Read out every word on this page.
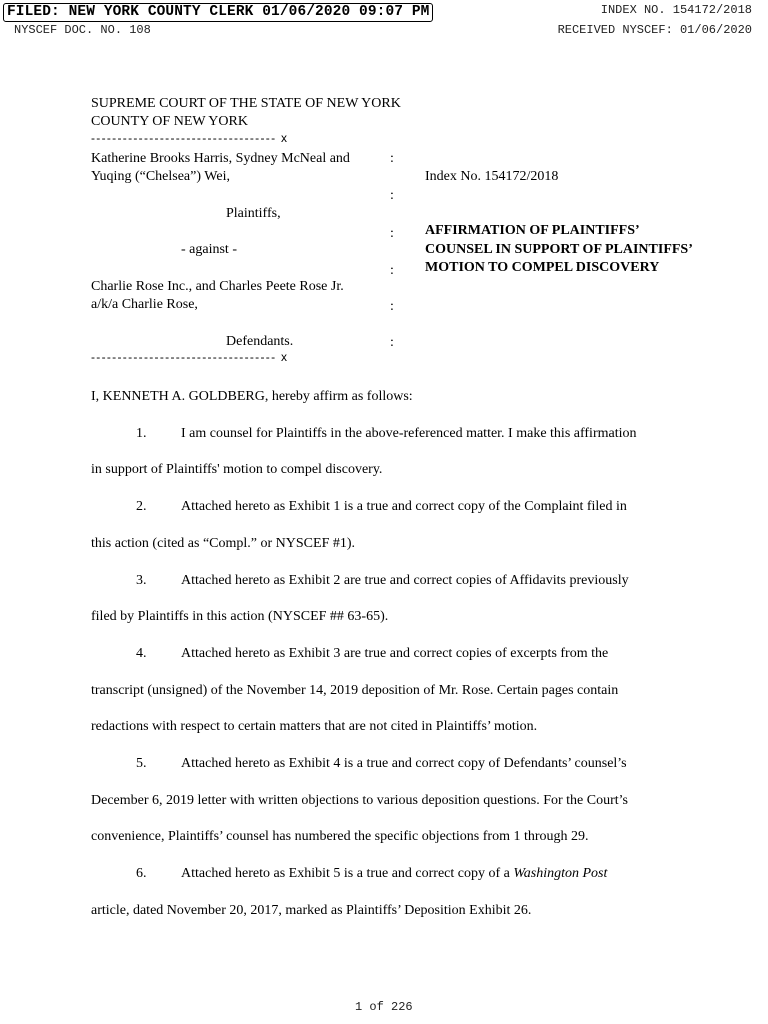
FILED: NEW YORK COUNTY CLERK 01/06/2020 09:07 PM	INDEX NO. 154172/2018
NYSCEF DOC. NO. 108	RECEIVED NYSCEF: 01/06/2020
SUPREME COURT OF THE STATE OF NEW YORK
COUNTY OF NEW YORK
----------------------------------- x
Katherine Brooks Harris, Sydney McNeal and	:
Yuqing (“Chelsea”) Wei,	Index No. 154172/2018
:
Plaintiffs,
: AFFIRMATION OF PLAINTIFFS’
- against -	COUNSEL IN SUPPORT OF PLAINTIFFS’
: MOTION TO COMPEL DISCOVERY
Charlie Rose Inc., and Charles Peete Rose Jr.
a/k/a Charlie Rose,	:
Defendants.	:
----------------------------------- x
I, KENNETH A. GOLDBERG, hereby affirm as follows:
1. I am counsel for Plaintiffs in the above-referenced matter. I make this affirmation
in support of Plaintiffs' motion to compel discovery.
2. Attached hereto as Exhibit 1 is a true and correct copy of the Complaint filed in
this action (cited as “Compl.” or NYSCEF #1).
3. Attached hereto as Exhibit 2 are true and correct copies of Affidavits previously
filed by Plaintiffs in this action (NYSCEF ## 63-65).
4. Attached hereto as Exhibit 3 are true and correct copies of excerpts from the
transcript (unsigned) of the November 14, 2019 deposition of Mr. Rose. Certain pages contain
redactions with respect to certain matters that are not cited in Plaintiffs’ motion.
5. Attached hereto as Exhibit 4 is a true and correct copy of Defendants’ counsel’s
December 6, 2019 letter with written objections to various deposition questions. For the Court’s
convenience, Plaintiffs’ counsel has numbered the specific objections from 1 through 29.
6. Attached hereto as Exhibit 5 is a true and correct copy of a Washington Post
article, dated November 20, 2017, marked as Plaintiffs’ Deposition Exhibit 26.
1 of 226
